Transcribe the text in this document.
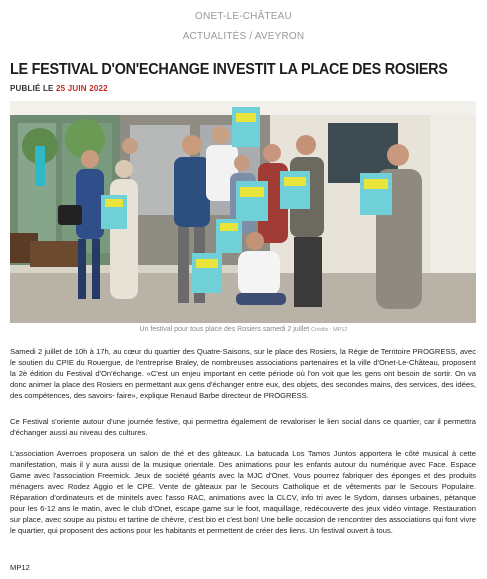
ONET-LE-CHÂTEAU
ACTUALITÉS / AVEYRON
LE FESTIVAL D'ON'ECHANGE INVESTIT LA PLACE DES ROSIERS
PUBLIÉ LE 25 JUIN 2022
Un festival pour tous place des Rosiers samedi 2 juillet Crédits : MP12

Samedi 2 juillet de 10h à 17h, au cœur du quartier des Quatre-Saisons, sur le place des Rosiers, la Régie de Territoire PROGRESS, avec le soutien du CPIE du Rouergue, de l'entreprise Braley, de nombreuses associations partenaires et la ville d'Onet-Le-Château, proposent la 2è édition du Festival d'On'échange. «C'est un enjeu important en cette période où l'on voit que les gens ont besoin de sortir. On va donc animer la place des Rosiers en permettant aux gens d'échanger entre eux, des objets, des secondes mains, des services, des idées, des compétences, des savoirs- faire», explique Renaud Barbe directeur de PROGRESS.

Ce Festival s'oriente autour d'une journée festive, qui permettra également de revaloriser le lien social dans ce quartier, car il permettra d'échanger aussi au niveau des cultures.

L'association Averroes proposera un salon de thé et des gâteaux. La batucada Los Tamos Juntos apportera le côté musical à cette manifestation, mais il y aura aussi de la musique orientale. Des animations pour les enfants autour du numérique avec Face. Espace Game avec l'association Freemick. Jeux de société géants avec la MJC d'Onet. Vous pourrez fabriquer des éponges et des produits ménagers avec Rodez Aggio et le CPE. Vente de gâteaux par le Secours Catholique et de vêtements par le Secours Populaire. Réparation d'ordinateurs et de minitels avec l'asso RAC, animations avec la CLCV, info tri avec le Sydom, danses urbaines, pétanque pour les 6-12 ans le matin, avec le club d'Onet, escape game sur le foot, maquillage, redécouverte des jeux vidéo vintage. Restauration sur place, avec soupe au pistou et tartine de chèvre, c'est bio et c'est bon! Une belle occasion de rencontrer des associations qui font vivre le quartier, qui proposent des actions pour les habitants et permettent de créer des liens. Un festival ouvert à tous.

MP12
